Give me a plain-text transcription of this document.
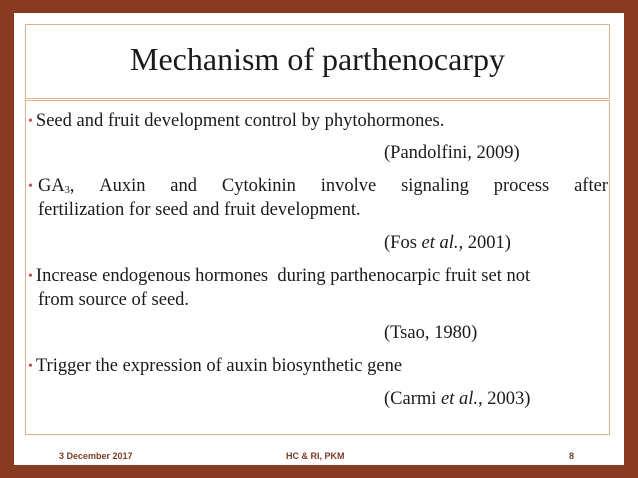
Mechanism of parthenocarpy
• Seed and fruit development control by phytohormones.
(Pandolfini, 2009)
• $GA_3$, Auxin and Cytokinin involve signaling process after
fertilization for seed and fruit development.
(Fos et al., 2001)
• Increase endogenous hormones  during parthenocarpic fruit set not
from source of seed.
(Tsao, 1980)
• Trigger the expression of auxin biosynthetic gene
(Carmi et al., 2003)
3 December 2017	HC & RI, PKM	8
